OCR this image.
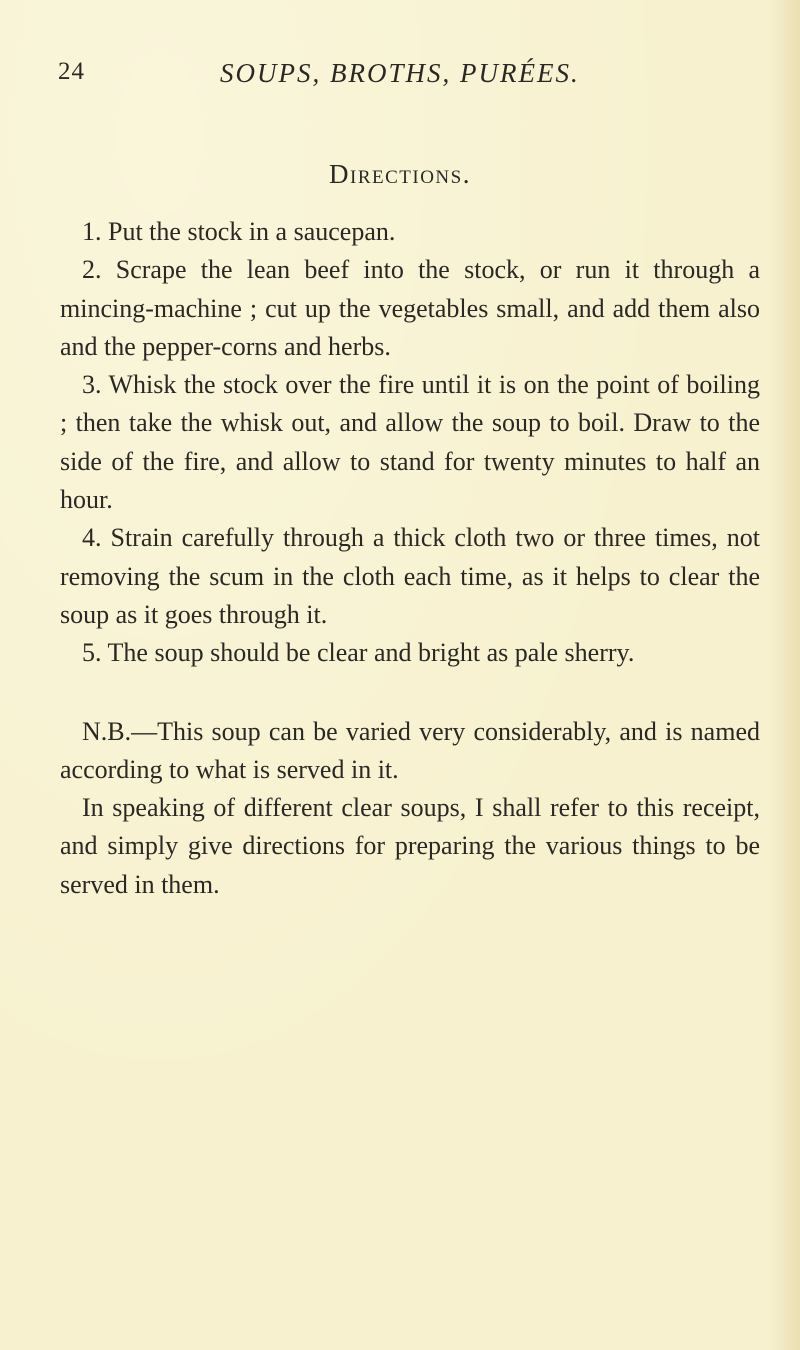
24	SOUPS, BROTHS, PURÉES.
Directions.

1. Put the stock in a saucepan.

2. Scrape the lean beef into the stock, or run it through a mincing-machine ; cut up the vegetables small, and add them also and the pepper-corns and herbs.

3. Whisk the stock over the fire until it is on the point of boiling ; then take the whisk out, and allow the soup to boil. Draw to the side of the fire, and allow to stand for twenty minutes to half an hour.

4. Strain carefully through a thick cloth two or three times, not removing the scum in the cloth each time, as it helps to clear the soup as it goes through it.

5. The soup should be clear and bright as pale sherry.

N.B.—This soup can be varied very considerably, and is named according to what is served in it.

In speaking of different clear soups, I shall refer to this receipt, and simply give directions for preparing the various things to be served in them.
